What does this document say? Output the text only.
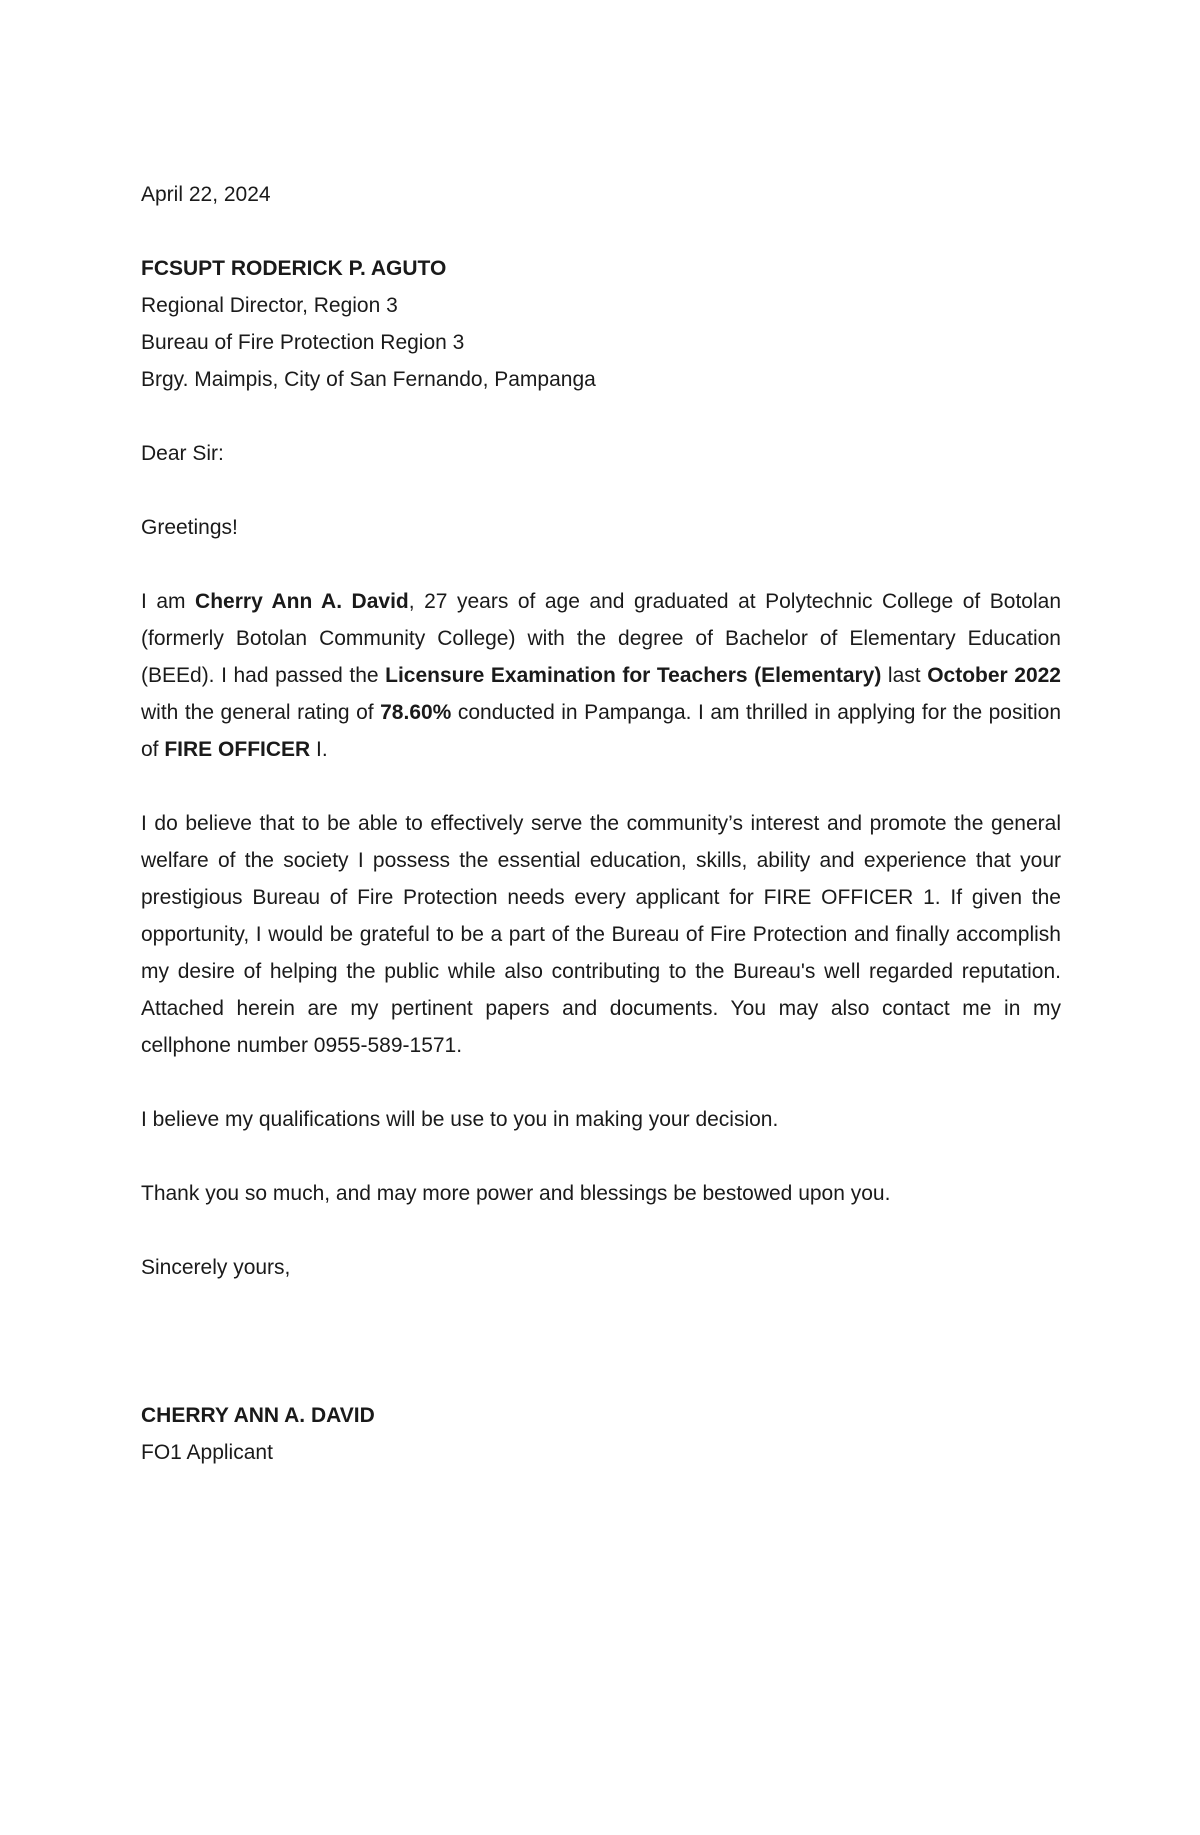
April 22, 2024
FCSUPT RODERICK P. AGUTO
Regional Director, Region 3
Bureau of Fire Protection Region 3
Brgy. Maimpis, City of San Fernando, Pampanga
Dear Sir:
Greetings!

I am Cherry Ann A. David, 27 years of age and graduated at Polytechnic College of Botolan (formerly Botolan Community College) with the degree of Bachelor of Elementary Education (BEEd). I had passed the Licensure Examination for Teachers (Elementary) last October 2022 with the general rating of 78.60% conducted in Pampanga. I am thrilled in applying for the position of FIRE OFFICER I.

I do believe that to be able to effectively serve the community’s interest and promote the general welfare of the society I possess the essential education, skills, ability and experience that your prestigious Bureau of Fire Protection needs every applicant for FIRE OFFICER 1. If given the opportunity, I would be grateful to be a part of the Bureau of Fire Protection and finally accomplish my desire of helping the public while also contributing to the Bureau's well regarded reputation. Attached herein are my pertinent papers and documents. You may also contact me in my cellphone number 0955-589-1571.

I believe my qualifications will be use to you in making your decision.

Thank you so much, and may more power and blessings be bestowed upon you.

Sincerely yours,
CHERRY ANN A. DAVID
FO1 Applicant
